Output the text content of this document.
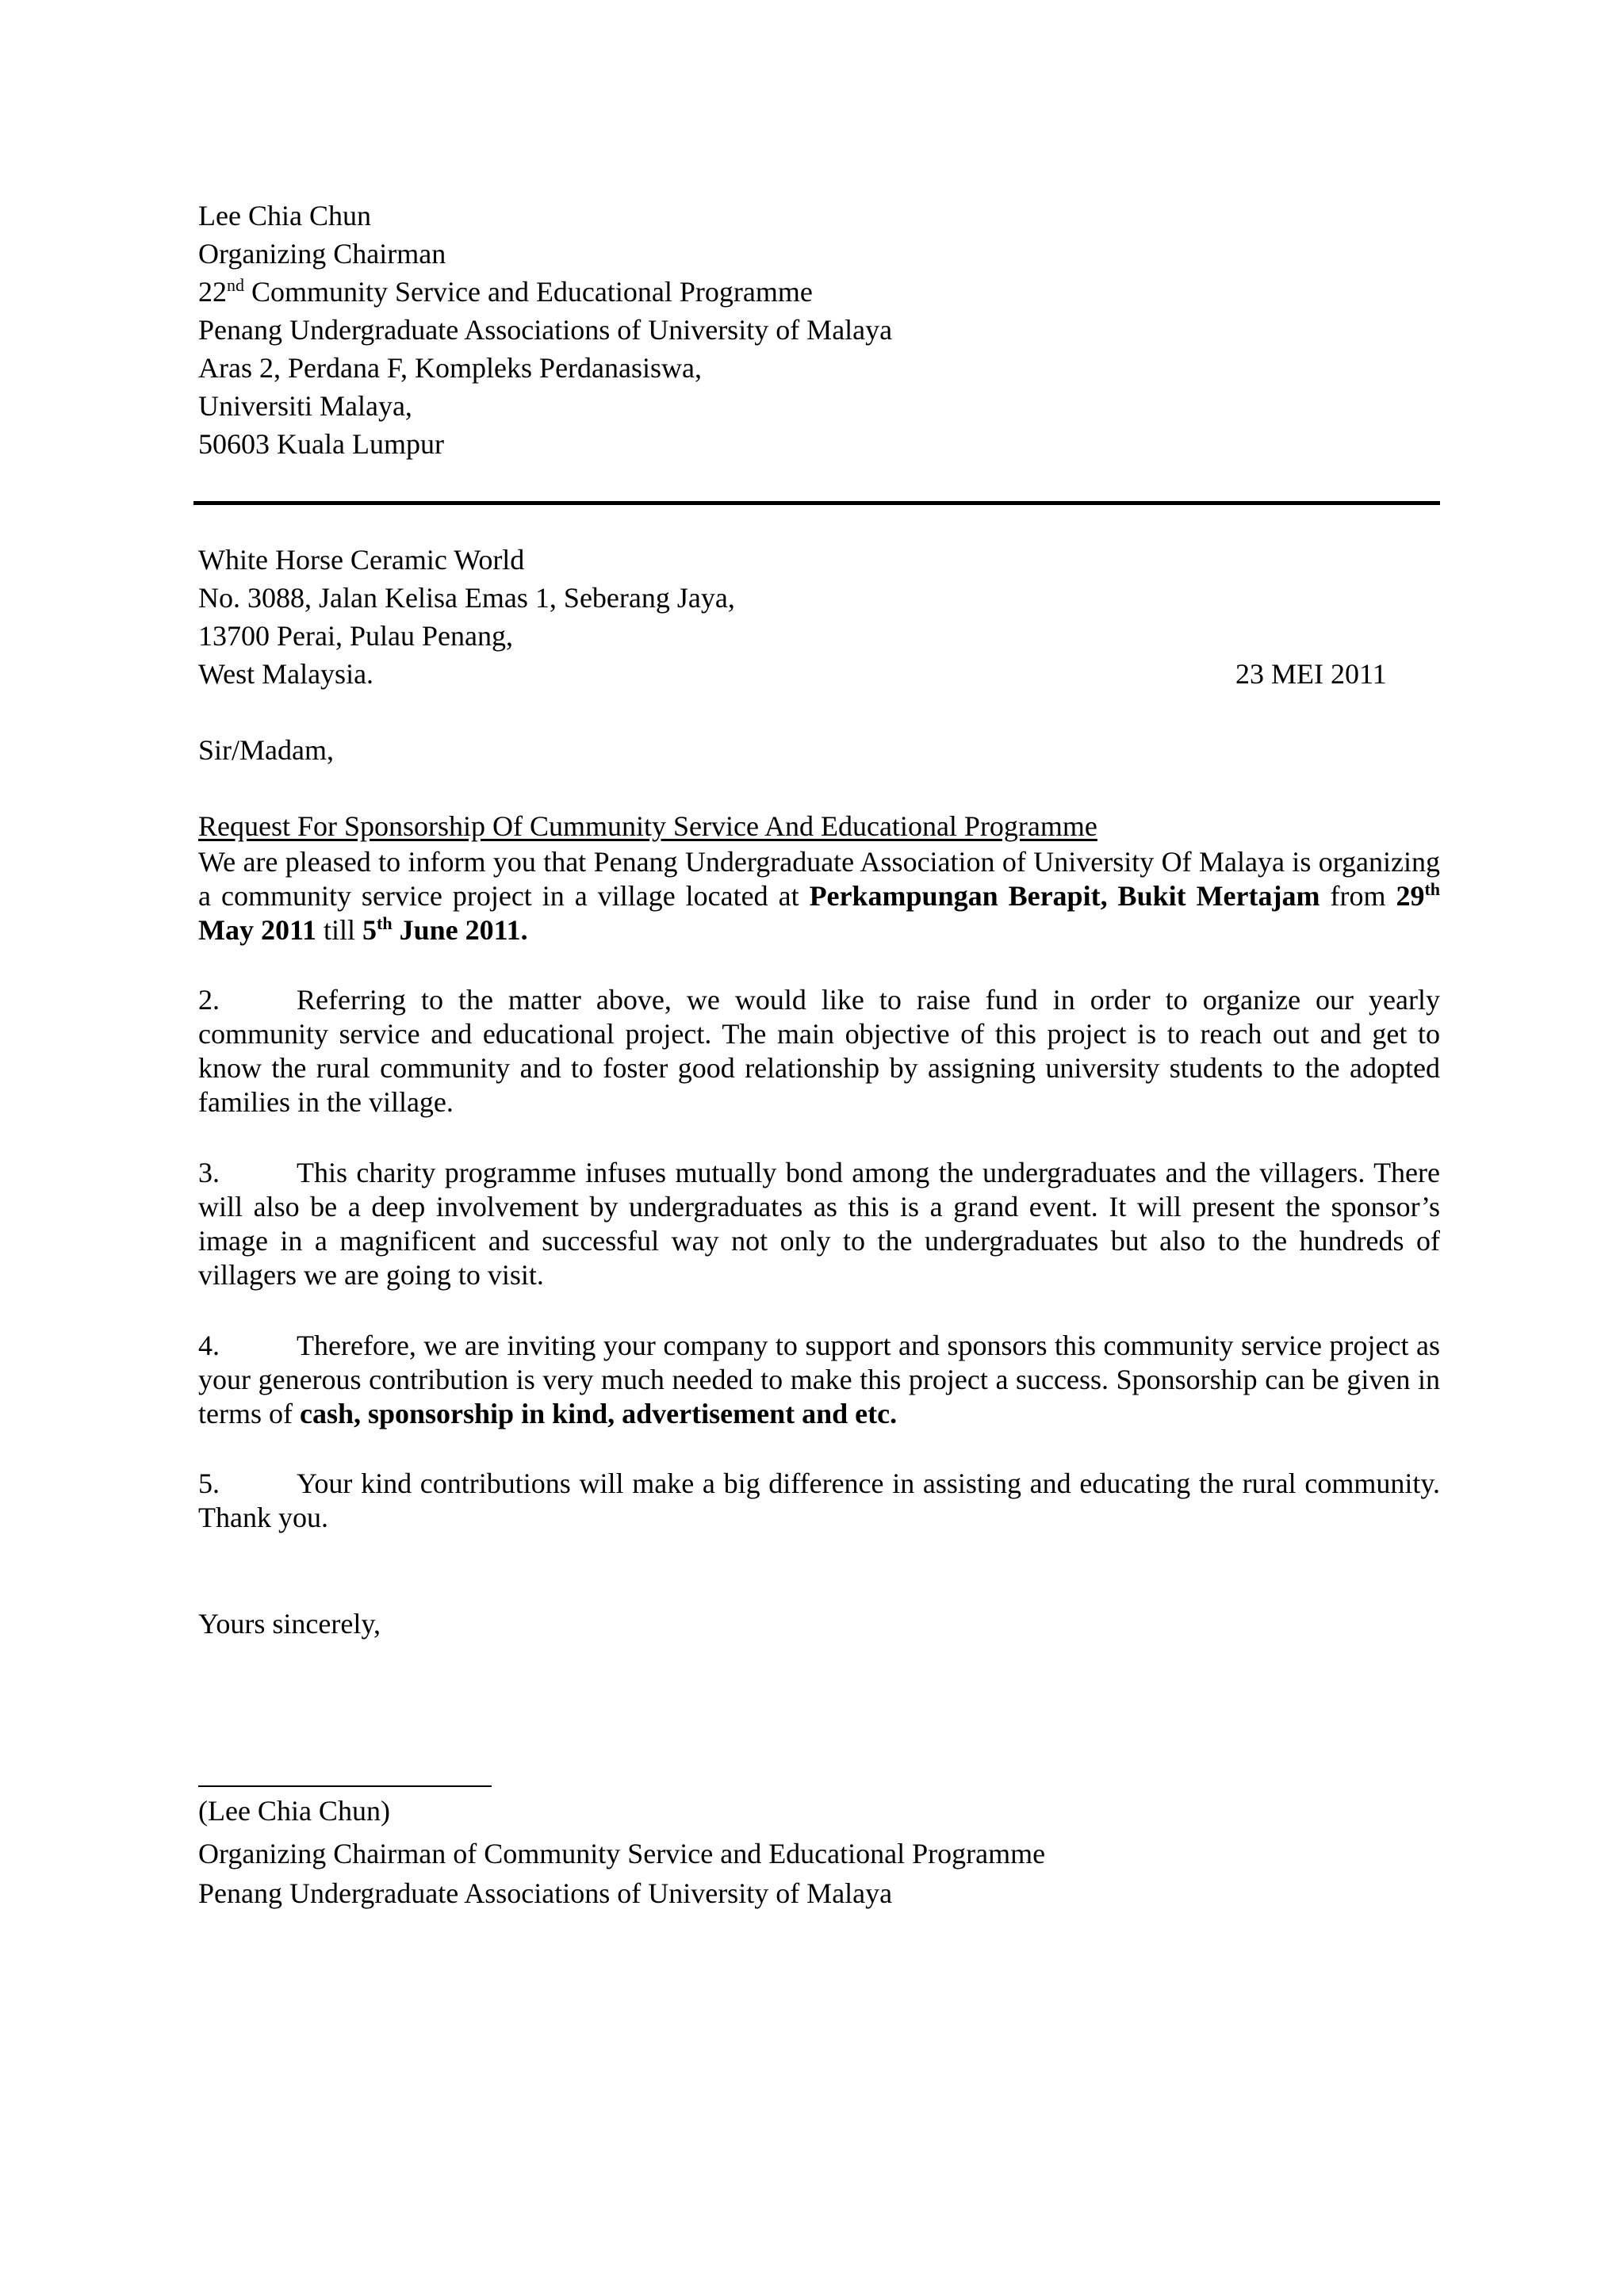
Lee Chia Chun
Organizing Chairman
22nd Community Service and Educational Programme
Penang Undergraduate Associations of University of Malaya
Aras 2, Perdana F, Kompleks Perdanasiswa,
Universiti Malaya,
50603 Kuala Lumpur
White Horse Ceramic World
No. 3088, Jalan Kelisa Emas 1, Seberang Jaya,
13700 Perai, Pulau Penang,
West Malaysia.	23 MEI 2011
Sir/Madam,
Request For Sponsorship Of Cummunity Service And Educational Programme
We are pleased to inform you that Penang Undergraduate Association of University Of Malaya is organizing a community service project in a village located at Perkampungan Berapit, Bukit Mertajam from 29th May 2011 till 5th June 2011.
2.	Referring to the matter above, we would like to raise fund in order to organize our yearly community service and educational project. The main objective of this project is to reach out and get to know the rural community and to foster good relationship by assigning university students to the adopted families in the village.
3.	This charity programme infuses mutually bond among the undergraduates and the villagers. There will also be a deep involvement by undergraduates as this is a grand event. It will present the sponsor’s image in a magnificent and successful way not only to the undergraduates but also to the hundreds of villagers we are going to visit.
4.	Therefore, we are inviting your company to support and sponsors this community service project as your generous contribution is very much needed to make this project a success. Sponsorship can be given in terms of cash, sponsorship in kind, advertisement and etc.
5.	Your kind contributions will make a big difference in assisting and educating the rural community. Thank you.
Yours sincerely,
(Lee Chia Chun)
Organizing Chairman of Community Service and Educational Programme
Penang Undergraduate Associations of University of Malaya
